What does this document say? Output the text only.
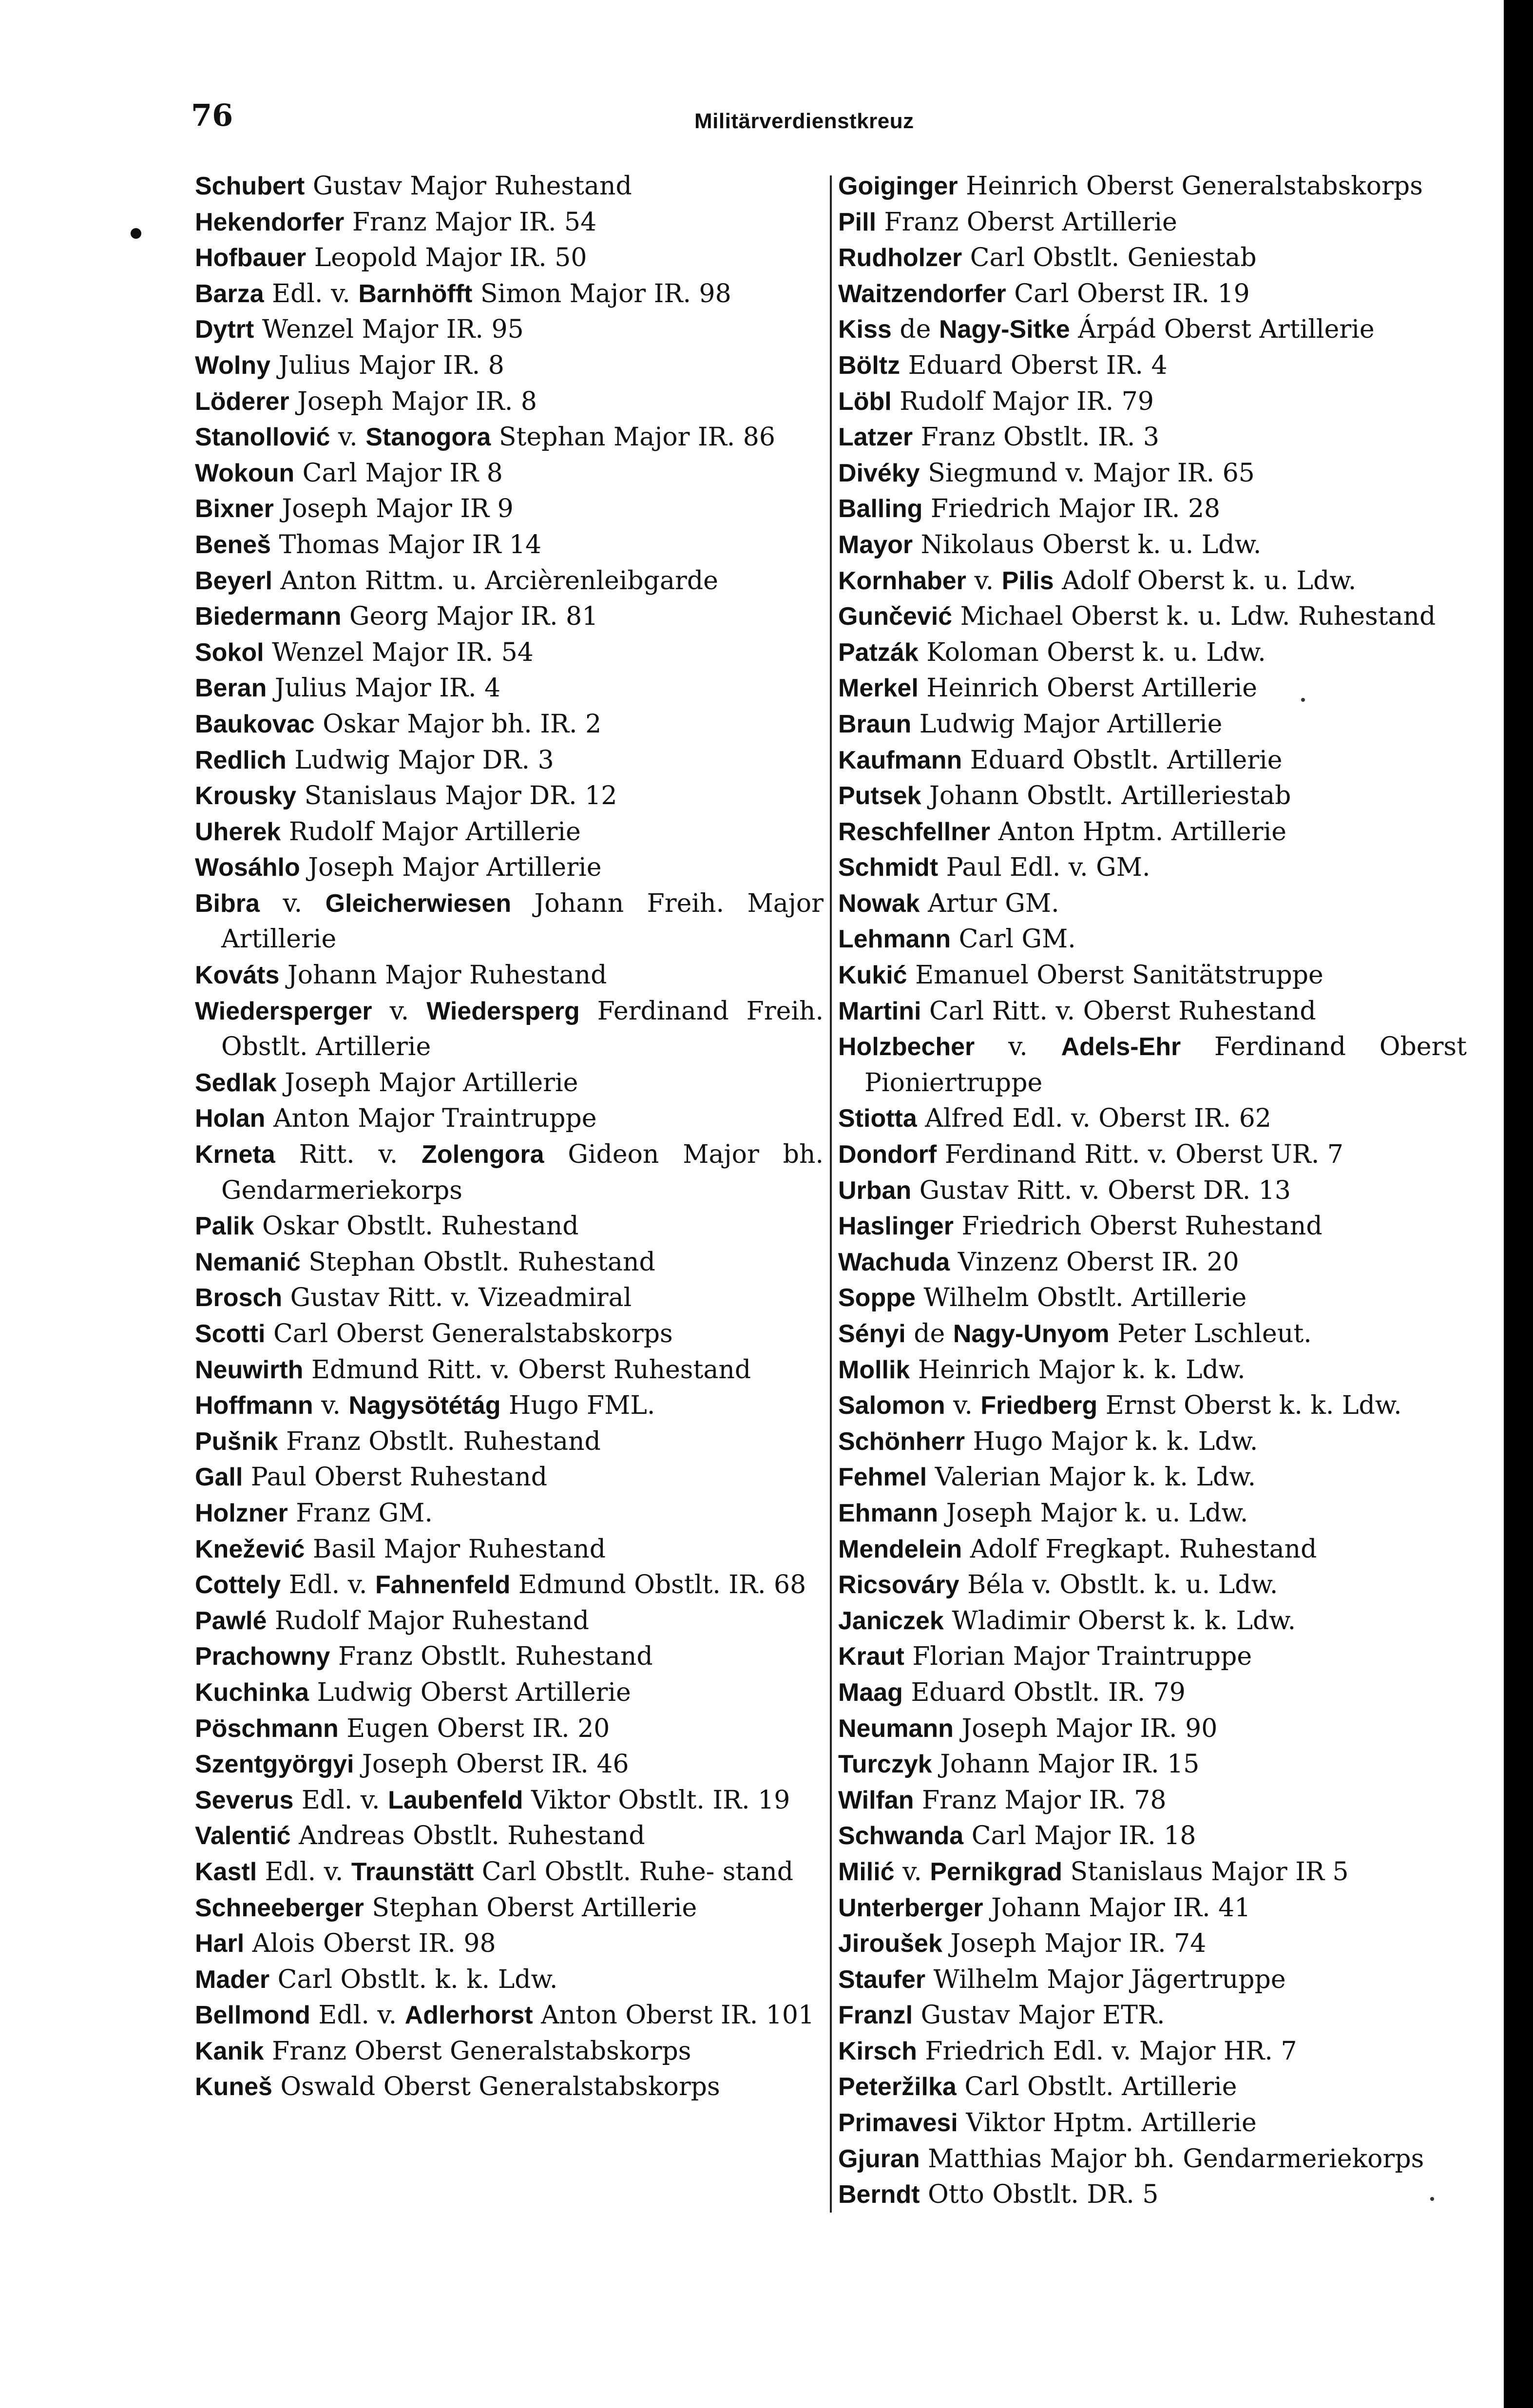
76	Militärverdienstkreuz
Schubert Gustav Major Ruhestand
Hekendorfer Franz Major IR. 54
Hofbauer Leopold Major IR. 50
Barza Edl. v. Barnhöfft Simon Major IR. 98
Dytrt Wenzel Major IR. 95
Wolny Julius Major IR. 8
Löderer Joseph Major IR. 8
Stanollović v. Stanogora Stephan Major IR. 86
Wokoun Carl Major IR 8
Bixner Joseph Major IR 9
Beneš Thomas Major IR 14
Beyerl Anton Rittm. u. Arcièrenleibgarde
Biedermann Georg Major IR. 81
Sokol Wenzel Major IR. 54
Beran Julius Major IR. 4
Baukovac Oskar Major bh. IR. 2
Redlich Ludwig Major DR. 3
Krousky Stanislaus Major DR. 12
Uherek Rudolf Major Artillerie
Wosáhlo Joseph Major Artillerie
Bibra v. Gleicherwiesen Johann Freih. Major Artillerie
Kováts Johann Major Ruhestand
Wiedersperger v. Wiedersperg Ferdinand Freih. Obstlt. Artillerie
Sedlak Joseph Major Artillerie
Holan Anton Major Traintruppe
Krneta Ritt. v. Zolengora Gideon Major bh. Gendarmeriekorps
Palik Oskar Obstlt. Ruhestand
Nemanić Stephan Obstlt. Ruhestand
Brosch Gustav Ritt. v. Vizeadmiral
Scotti Carl Oberst Generalstabskorps
Neuwirth Edmund Ritt. v. Oberst Ruhestand
Hoffmann v. Nagysötétág Hugo FML.
Pušnik Franz Obstlt. Ruhestand
Gall Paul Oberst Ruhestand
Holzner Franz GM.
Knežević Basil Major Ruhestand
Cottely Edl. v. Fahnenfeld Edmund Obstlt. IR. 68
Pawlé Rudolf Major Ruhestand
Prachowny Franz Obstlt. Ruhestand
Kuchinka Ludwig Oberst Artillerie
Pöschmann Eugen Oberst IR. 20
Szentgyörgyi Joseph Oberst IR. 46
Severus Edl. v. Laubenfeld Viktor Obstlt. IR. 19
Valentić Andreas Obstlt. Ruhestand
Kastl Edl. v. Traunstätt Carl Obstlt. Ruhe- stand
Schneeberger Stephan Oberst Artillerie
Harl Alois Oberst IR. 98
Mader Carl Obstlt. k. k. Ldw.
Bellmond Edl. v. Adlerhorst Anton Oberst IR. 101
Kanik Franz Oberst Generalstabskorps
Kuneš Oswald Oberst Generalstabskorps
Goiginger Heinrich Oberst Generalstabskorps
Pill Franz Oberst Artillerie
Rudholzer Carl Obstlt. Geniestab
Waitzendorfer Carl Oberst IR. 19
Kiss de Nagy-Sitke Árpád Oberst Artillerie
Böltz Eduard Oberst IR. 4
Löbl Rudolf Major IR. 79
Latzer Franz Obstlt. IR. 3
Divéky Siegmund v. Major IR. 65
Balling Friedrich Major IR. 28
Mayor Nikolaus Oberst k. u. Ldw.
Kornhaber v. Pilis Adolf Oberst k. u. Ldw.
Gunčević Michael Oberst k. u. Ldw. Ruhestand
Patzák Koloman Oberst k. u. Ldw.
Merkel Heinrich Oberst Artillerie
Braun Ludwig Major Artillerie
Kaufmann Eduard Obstlt. Artillerie
Putsek Johann Obstlt. Artilleriestab
Reschfellner Anton Hptm. Artillerie
Schmidt Paul Edl. v. GM.
Nowak Artur GM.
Lehmann Carl GM.
Kukić Emanuel Oberst Sanitätstruppe
Martini Carl Ritt. v. Oberst Ruhestand
Holzbecher v. Adels-Ehr Ferdinand Oberst Pioniertruppe
Stiotta Alfred Edl. v. Oberst IR. 62
Dondorf Ferdinand Ritt. v. Oberst UR. 7
Urban Gustav Ritt. v. Oberst DR. 13
Haslinger Friedrich Oberst Ruhestand
Wachuda Vinzenz Oberst IR. 20
Soppe Wilhelm Obstlt. Artillerie
Sényi de Nagy-Unyom Peter Lschleut.
Mollik Heinrich Major k. k. Ldw.
Salomon v. Friedberg Ernst Oberst k. k. Ldw.
Schönherr Hugo Major k. k. Ldw.
Fehmel Valerian Major k. k. Ldw.
Ehmann Joseph Major k. u. Ldw.
Mendelein Adolf Fregkapt. Ruhestand
Ricsováry Béla v. Obstlt. k. u. Ldw.
Janiczek Wladimir Oberst k. k. Ldw.
Kraut Florian Major Traintruppe
Maag Eduard Obstlt. IR. 79
Neumann Joseph Major IR. 90
Turczyk Johann Major IR. 15
Wilfan Franz Major IR. 78
Schwanda Carl Major IR. 18
Milić v. Pernikgrad Stanislaus Major IR 5
Unterberger Johann Major IR. 41
Jiroušek Joseph Major IR. 74
Staufer Wilhelm Major Jägertruppe
Franzl Gustav Major ETR.
Kirsch Friedrich Edl. v. Major HR. 7
Peteržilka Carl Obstlt. Artillerie
Primavesi Viktor Hptm. Artillerie
Gjuran Matthias Major bh. Gendarmeriekorps
Berndt Otto Obstlt. DR. 5
